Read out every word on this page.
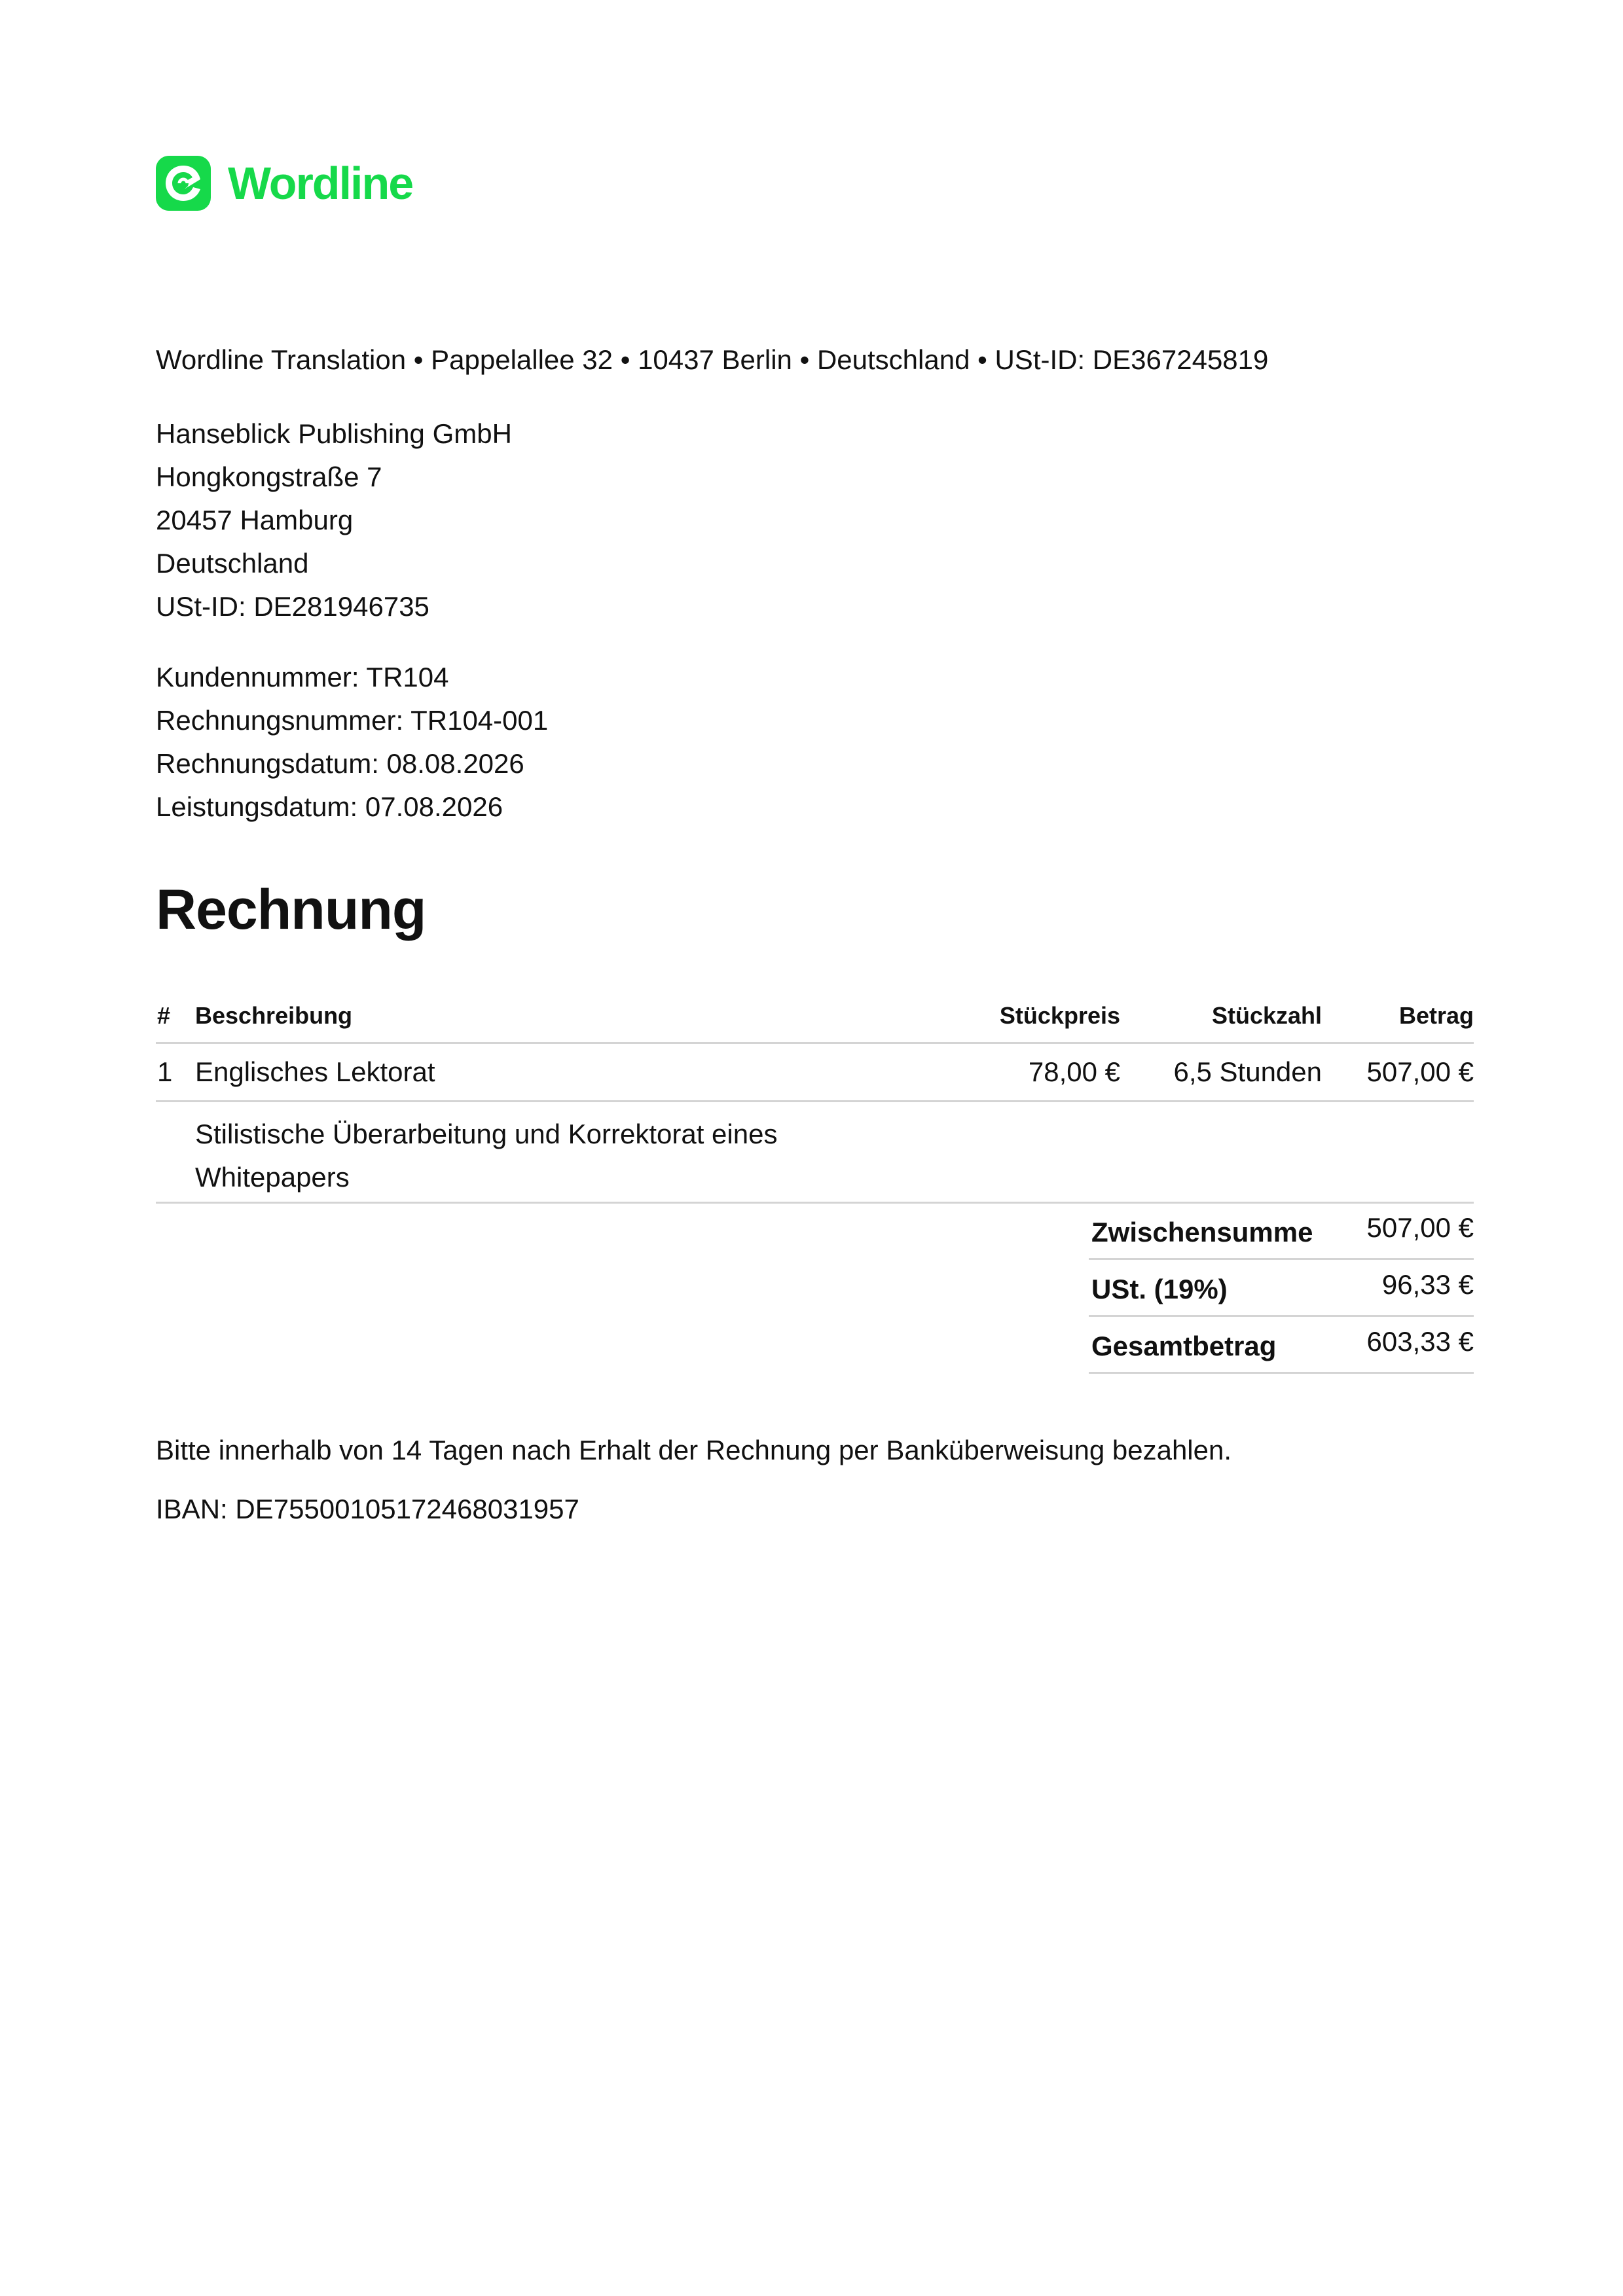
Wordline
Wordline Translation • Pappelallee 32 • 10437 Berlin • Deutschland • USt-ID: DE367245819
Hanseblick Publishing GmbH
Hongkongstraße 7
20457 Hamburg
Deutschland
USt-ID: DE281946735
Kundennummer: TR104
Rechnungsnummer: TR104-001
Rechnungsdatum: 08.08.2026
Leistungsdatum: 07.08.2026
Rechnung
# Beschreibung	Stückpreis	Stückzahl	Betrag
1 Englisches Lektorat	78,00 € 6,5 Stunden 507,00 €
Stilistische Überarbeitung und Korrektorat eines Whitepapers
Zwischensumme 507,00 €
USt. (19%)	96,33 €
Gesamtbetrag	603,33 €
Bitte innerhalb von 14 Tagen nach Erhalt der Rechnung per Banküberweisung bezahlen.
IBAN: DE75500105172468031957
